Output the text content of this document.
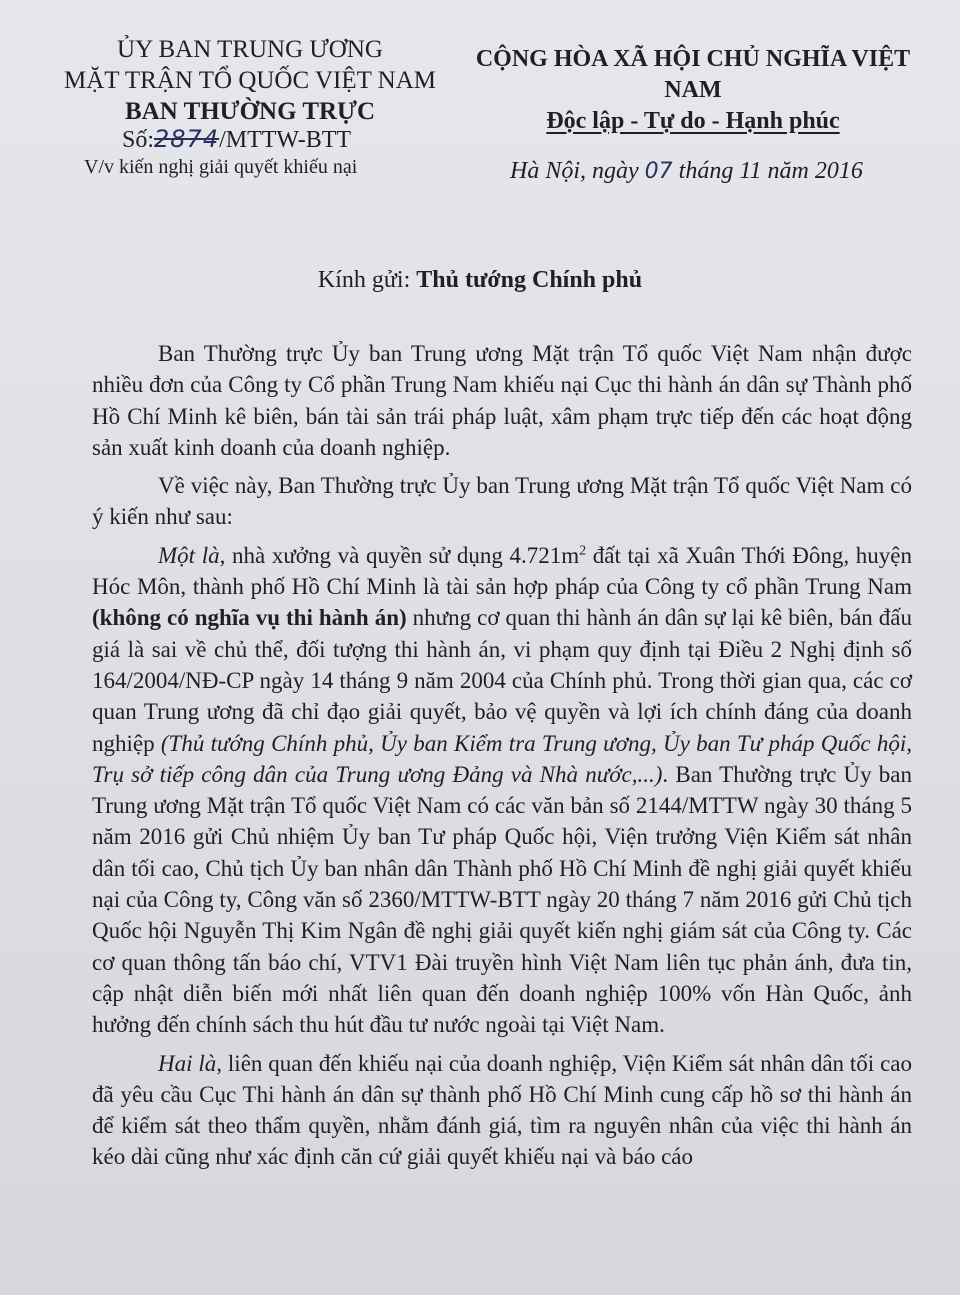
ỦY BAN TRUNG ƯƠNG
MẶT TRẬN TỔ QUỐC VIỆT NAM
BAN THƯỜNG TRỰC
CỘNG HÒA XÃ HỘI CHỦ NGHĨA VIỆT NAM
Độc lập - Tự do - Hạnh phúc
Số:2874/MTTW-BTT
V/v kiến nghị giải quyết khiếu nại	Hà Nội, ngày 07 tháng 11 năm 2016
Kính gửi: Thủ tướng Chính phủ

Ban Thường trực Ủy ban Trung ương Mặt trận Tổ quốc Việt Nam nhận được nhiều đơn của Công ty Cổ phần Trung Nam khiếu nại Cục thi hành án dân sự Thành phố Hồ Chí Minh kê biên, bán tài sản trái pháp luật, xâm phạm trực tiếp đến các hoạt động sản xuất kinh doanh của doanh nghiệp.

Về việc này, Ban Thường trực Ủy ban Trung ương Mặt trận Tổ quốc Việt Nam có ý kiến như sau:

Một là, nhà xưởng và quyền sử dụng $4.721m^2$ đất tại xã Xuân Thới Đông, huyện Hóc Môn, thành phố Hồ Chí Minh là tài sản hợp pháp của Công ty cổ phần Trung Nam (không có nghĩa vụ thi hành án) nhưng cơ quan thi hành án dân sự lại kê biên, bán đấu giá là sai về chủ thể, đối tượng thi hành án, vi phạm quy định tại Điều 2 Nghị định số 164/2004/NĐ-CP ngày 14 tháng 9 năm 2004 của Chính phủ. Trong thời gian qua, các cơ quan Trung ương đã chỉ đạo giải quyết, bảo vệ quyền và lợi ích chính đáng của doanh nghiệp (Thủ tướng Chính phủ, Ủy ban Kiểm tra Trung ương, Ủy ban Tư pháp Quốc hội, Trụ sở tiếp công dân của Trung ương Đảng và Nhà nước,...). Ban Thường trực Ủy ban Trung ương Mặt trận Tổ quốc Việt Nam có các văn bản số 2144/MTTW ngày 30 tháng 5 năm 2016 gửi Chủ nhiệm Ủy ban Tư pháp Quốc hội, Viện trưởng Viện Kiểm sát nhân dân tối cao, Chủ tịch Ủy ban nhân dân Thành phố Hồ Chí Minh đề nghị giải quyết khiếu nại của Công ty, Công văn số 2360/MTTW-BTT ngày 20 tháng 7 năm 2016 gửi Chủ tịch Quốc hội Nguyễn Thị Kim Ngân đề nghị giải quyết kiến nghị giám sát của Công ty. Các cơ quan thông tấn báo chí, VTV1 Đài truyền hình Việt Nam liên tục phản ánh, đưa tin, cập nhật diễn biến mới nhất liên quan đến doanh nghiệp 100% vốn Hàn Quốc, ảnh hưởng đến chính sách thu hút đầu tư nước ngoài tại Việt Nam.

Hai là, liên quan đến khiếu nại của doanh nghiệp, Viện Kiểm sát nhân dân tối cao đã yêu cầu Cục Thi hành án dân sự thành phố Hồ Chí Minh cung cấp hồ sơ thi hành án để kiểm sát theo thẩm quyền, nhằm đánh giá, tìm ra nguyên nhân của việc thi hành án kéo dài cũng như xác định căn cứ giải quyết khiếu nại và báo cáo
